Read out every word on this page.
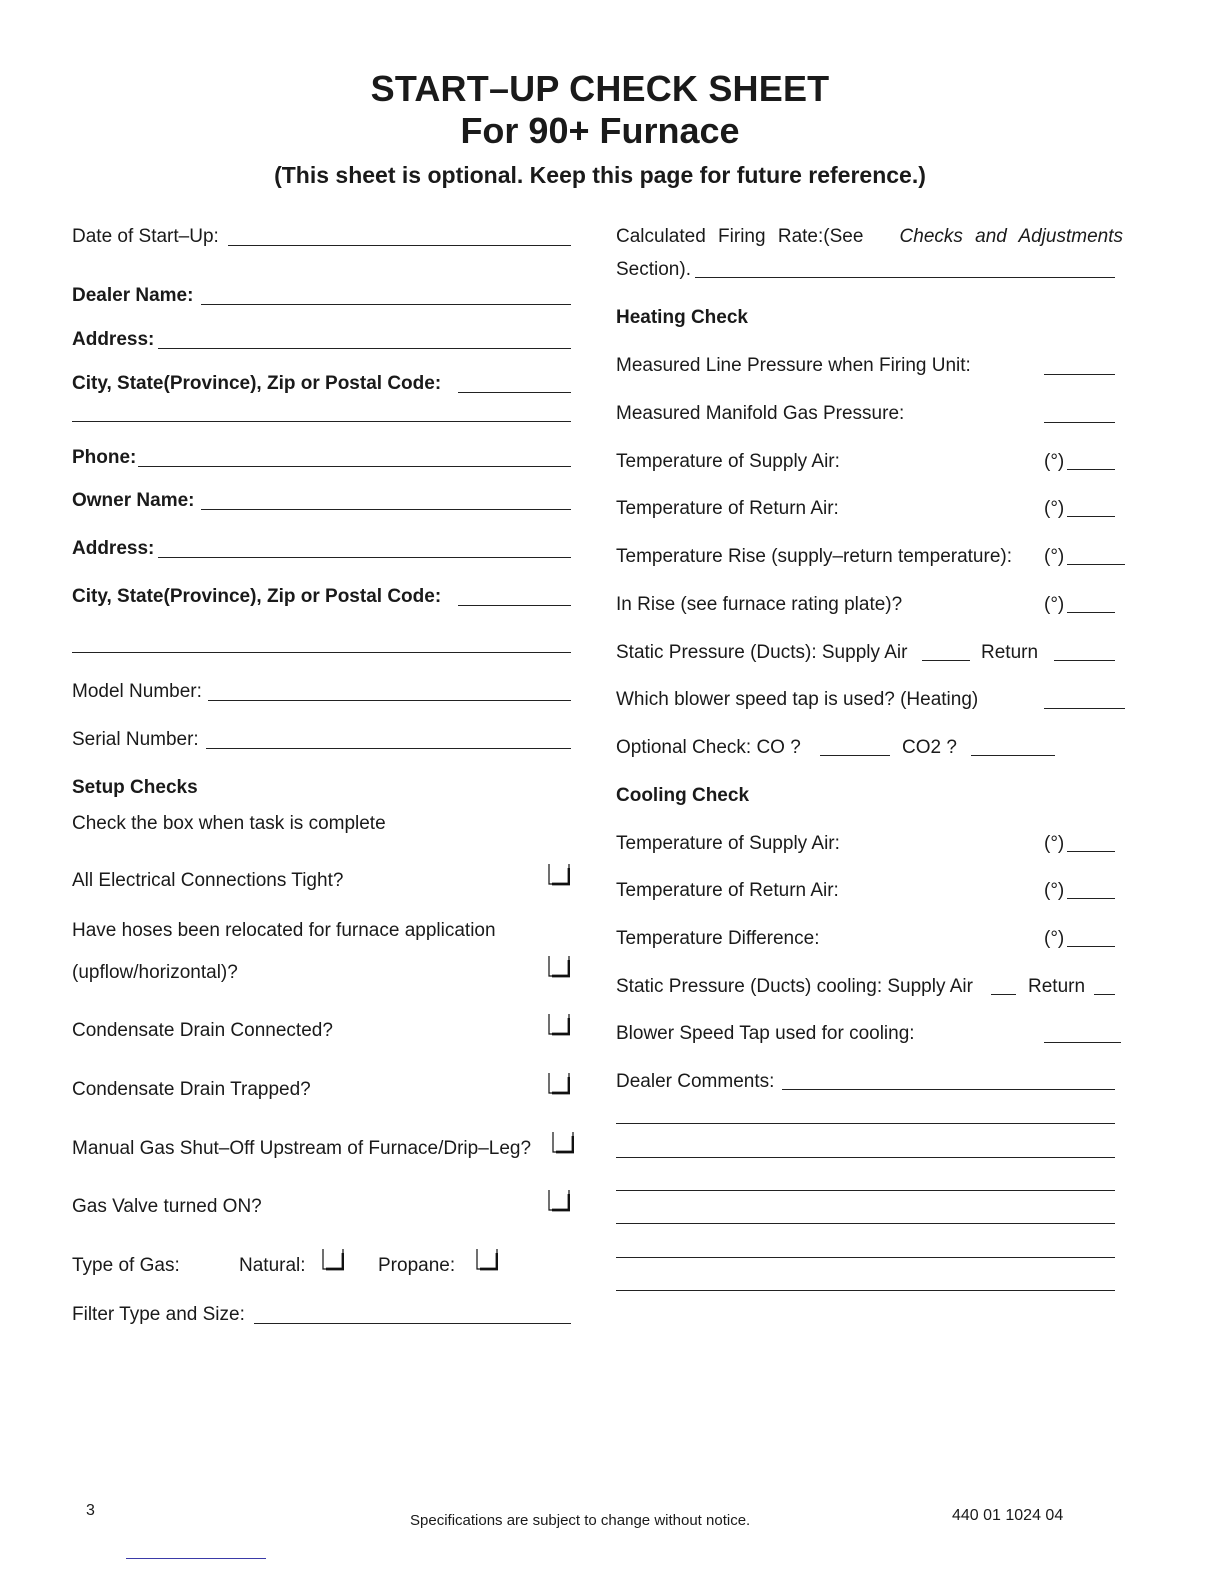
START–UP CHECK SHEET
For 90+ Furnace
(This sheet is optional. Keep this page for future reference.)
Date of Start–Up:
Dealer Name:
Address:
City, State(Province), Zip or Postal Code:
Phone:
Owner Name:
Address:
City, State(Province), Zip or Postal Code:
Model Number:
Serial Number:
Setup Checks
Check the box when task is complete
All Electrical Connections Tight?
Have hoses been relocated for furnace application
(upflow/horizontal)?
Condensate Drain Connected?
Condensate Drain Trapped?
Manual Gas Shut–Off Upstream of Furnace/Drip–Leg?
Gas Valve turned ON?
Type of Gas:	Natural:	Propane:
Filter Type and Size:
Calculated Firing Rate:(See Checks and Adjustments
Section).
Heating Check
Measured Line Pressure when Firing Unit:
Measured Manifold Gas Pressure:
Temperature of Supply Air:	(°)
Temperature of Return Air:	(°)
Temperature Rise (supply–return temperature): (°)
In Rise (see furnace rating plate)?	(°)
Static Pressure (Ducts): Supply Air	Return
Which blower speed tap is used? (Heating)
Optional Check: CO ?	CO2 ?
Cooling Check
Temperature of Supply Air:	(°)
Temperature of Return Air:	(°)
Temperature Difference:	(°)
Static Pressure (Ducts) cooling: Supply Air	Return
Blower Speed Tap used for cooling:
Dealer Comments:
3
Specifications are subject to change without notice.	440 01 1024 04
